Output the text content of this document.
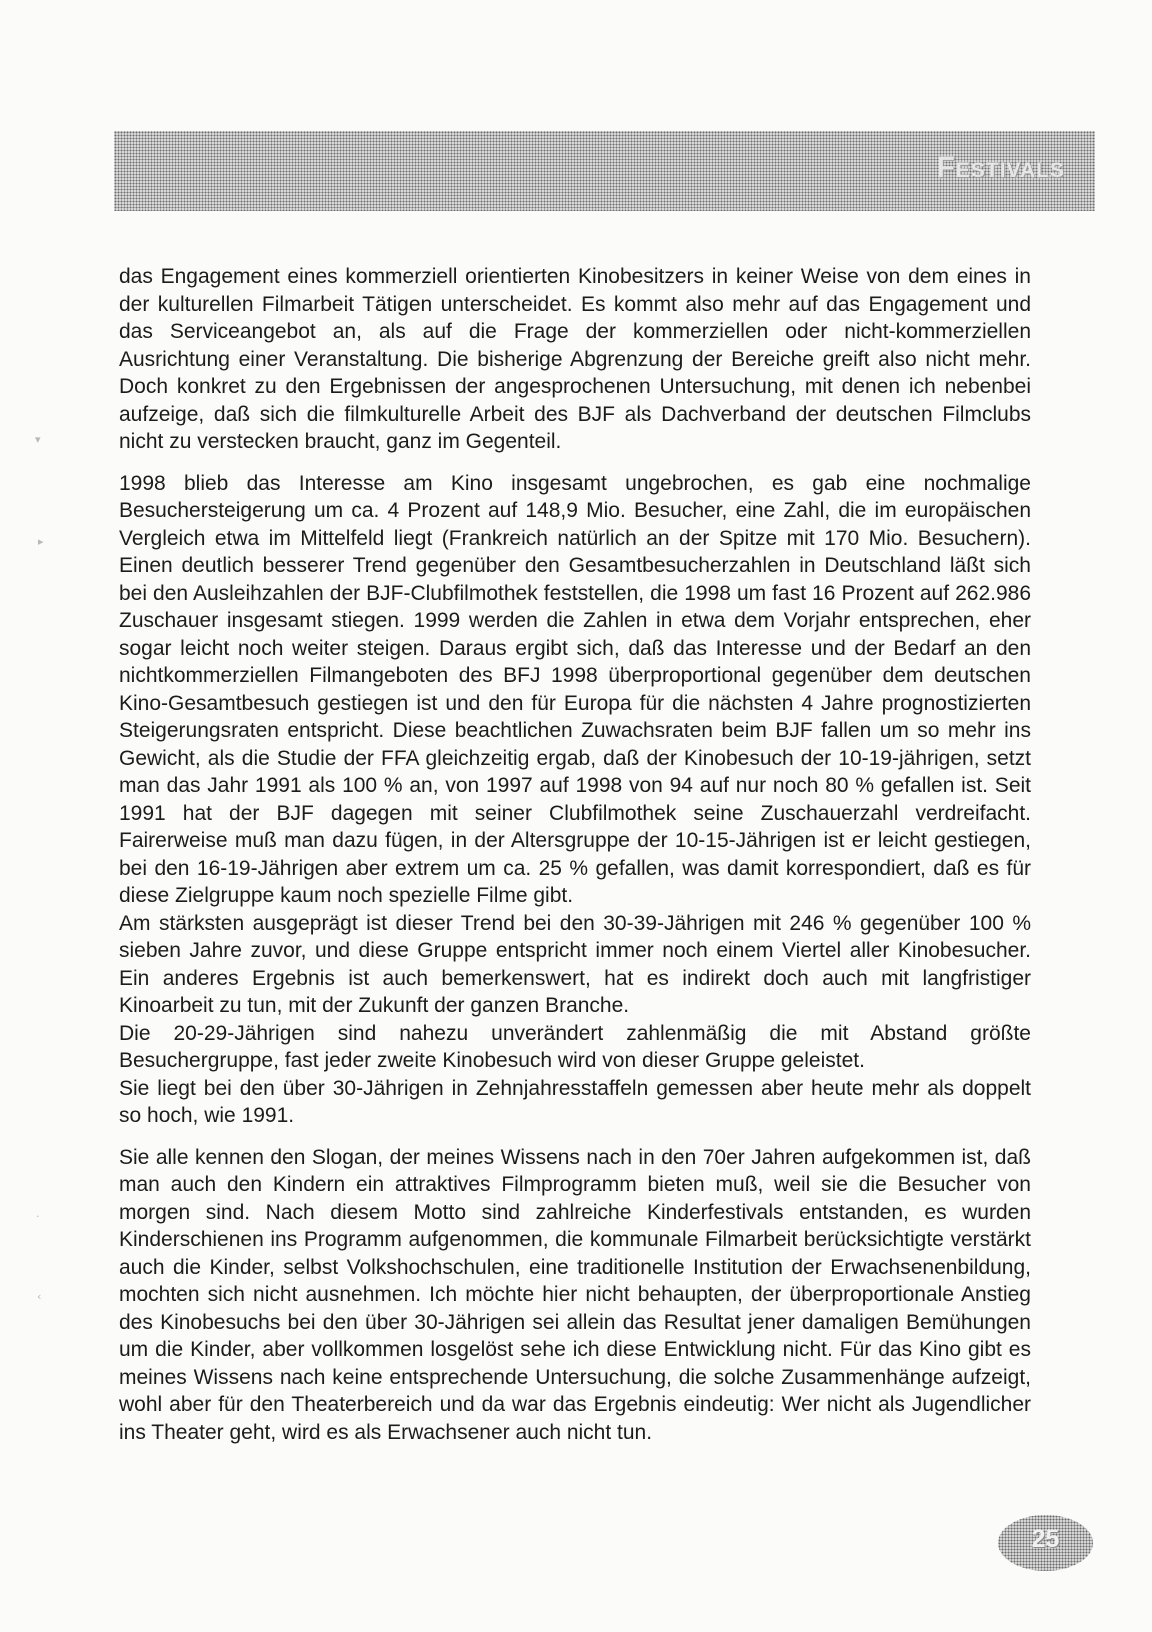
Festivals

das Engagement eines kommerziell orientierten Kinobesitzers in keiner Weise von dem eines in der kulturellen Filmarbeit Tätigen unterscheidet. Es kommt also mehr auf das Engagement und das Serviceangebot an, als auf die Frage der kommerziellen oder nicht-kommerziellen Ausrichtung einer Veranstaltung. Die bisherige Abgrenzung der Bereiche greift also nicht mehr. Doch konkret zu den Ergebnissen der angesprochenen Untersuchung, mit denen ich nebenbei aufzeige, daß sich die filmkulturelle Arbeit des BJF als Dachverband der deutschen Filmclubs nicht zu verstecken braucht, ganz im Gegenteil.

1998 blieb das Interesse am Kino insgesamt ungebrochen, es gab eine nochmalige Besuchersteigerung um ca. 4 Prozent auf 148,9 Mio. Besucher, eine Zahl, die im europäischen Vergleich etwa im Mittelfeld liegt (Frankreich natürlich an der Spitze mit 170 Mio. Besuchern). Einen deutlich besserer Trend gegenüber den Gesamtbesucherzahlen in Deutschland läßt sich bei den Ausleihzahlen der BJF-Clubfilmothek feststellen, die 1998 um fast 16 Prozent auf 262.986 Zuschauer insgesamt stiegen. 1999 werden die Zahlen in etwa dem Vorjahr entsprechen, eher sogar leicht noch weiter steigen. Daraus ergibt sich, daß das Interesse und der Bedarf an den nichtkommerziellen Filmangeboten des BFJ 1998 überproportional gegenüber dem deutschen Kino-Gesamtbesuch gestiegen ist und den für Europa für die nächsten 4 Jahre prognostizierten Steigerungsraten entspricht. Diese beachtlichen Zuwachsraten beim BJF fallen um so mehr ins Gewicht, als die Studie der FFA gleichzeitig ergab, daß der Kinobesuch der 10-19-jährigen, setzt man das Jahr 1991 als 100 % an, von 1997 auf 1998 von 94 auf nur noch 80 % gefallen ist. Seit 1991 hat der BJF dagegen mit seiner Clubfilmothek seine Zuschauerzahl verdreifacht. Fairerweise muß man dazu fügen, in der Altersgruppe der 10-15-Jährigen ist er leicht gestiegen, bei den 16-19-Jährigen aber extrem um ca. 25 % gefallen, was damit korrespondiert, daß es für diese Zielgruppe kaum noch spezielle Filme gibt.

Am stärksten ausgeprägt ist dieser Trend bei den 30-39-Jährigen mit 246 % gegenüber 100 % sieben Jahre zuvor, und diese Gruppe entspricht immer noch einem Viertel aller Kinobesucher. Ein anderes Ergebnis ist auch bemerkenswert, hat es indirekt doch auch mit langfristiger Kinoarbeit zu tun, mit der Zukunft der ganzen Branche.

Die 20-29-Jährigen sind nahezu unverändert zahlenmäßig die mit Abstand größte Besuchergruppe, fast jeder zweite Kinobesuch wird von dieser Gruppe geleistet.

Sie liegt bei den über 30-Jährigen in Zehnjahresstaffeln gemessen aber heute mehr als doppelt so hoch, wie 1991.

Sie alle kennen den Slogan, der meines Wissens nach in den 70er Jahren aufgekommen ist, daß man auch den Kindern ein attraktives Filmprogramm bieten muß, weil sie die Besucher von morgen sind. Nach diesem Motto sind zahlreiche Kinderfestivals entstanden, es wurden Kinderschienen ins Programm aufgenommen, die kommunale Filmarbeit berücksichtigte verstärkt auch die Kinder, selbst Volkshochschulen, eine traditionelle Institution der Erwachsenenbildung, mochten sich nicht ausnehmen. Ich möchte hier nicht behaupten, der überproportionale Anstieg des Kinobesuchs bei den über 30-Jährigen sei allein das Resultat jener damaligen Bemühungen um die Kinder, aber vollkommen losgelöst sehe ich diese Entwicklung nicht. Für das Kino gibt es meines Wissens nach keine entsprechende Untersuchung, die solche Zusammenhänge aufzeigt, wohl aber für den Theaterbereich und da war das Ergebnis eindeutig: Wer nicht als Jugendlicher ins Theater geht, wird es als Erwachsener auch nicht tun.

▾
▸
·
‹
25
